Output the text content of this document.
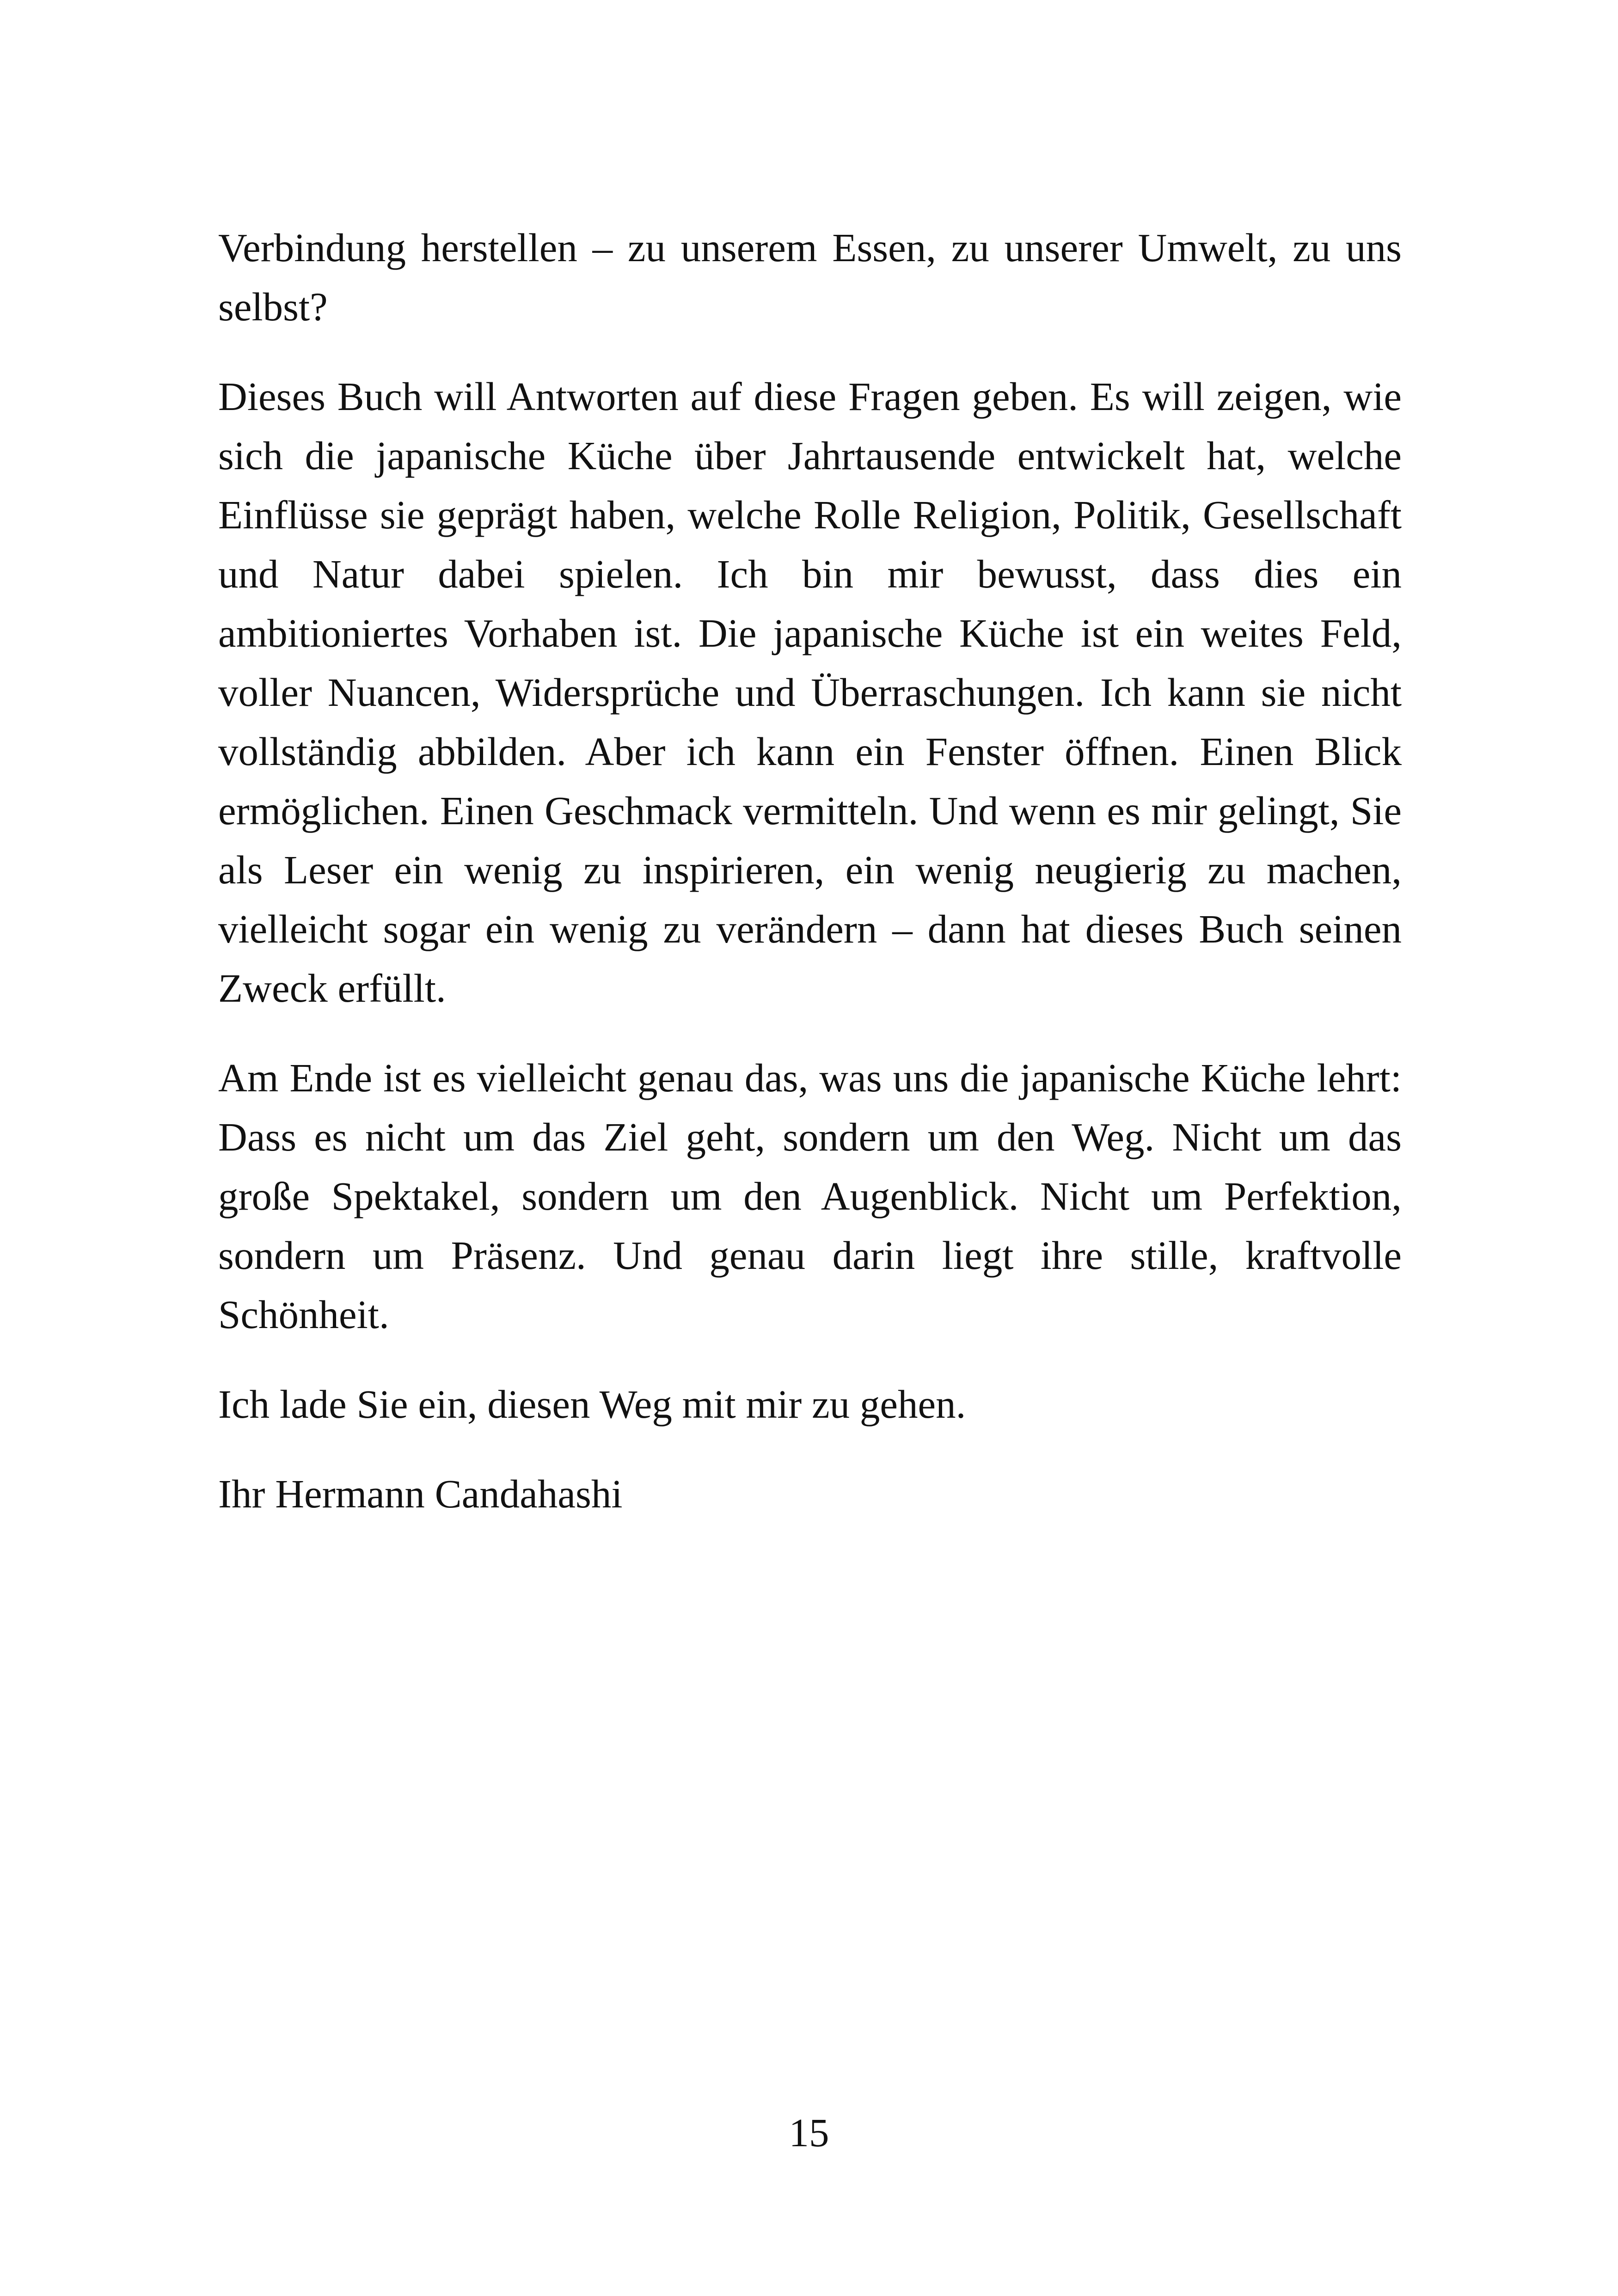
Verbindung herstellen – zu unserem Essen, zu unserer Umwelt, zu uns selbst?

Dieses Buch will Antworten auf diese Fragen geben. Es will zeigen, wie sich die japanische Küche über Jahrtausende entwickelt hat, welche Einflüsse sie geprägt haben, welche Rolle Religion, Politik, Gesellschaft und Natur dabei spielen. Ich bin mir bewusst, dass dies ein ambitioniertes Vorhaben ist. Die japanische Küche ist ein weites Feld, voller Nuancen, Widersprüche und Überraschungen. Ich kann sie nicht vollständig abbilden. Aber ich kann ein Fenster öffnen. Einen Blick ermöglichen. Einen Geschmack vermitteln. Und wenn es mir gelingt, Sie als Leser ein wenig zu inspirieren, ein wenig neugierig zu machen, vielleicht sogar ein wenig zu verändern – dann hat dieses Buch seinen Zweck erfüllt.

Am Ende ist es vielleicht genau das, was uns die japanische Küche lehrt: Dass es nicht um das Ziel geht, sondern um den Weg. Nicht um das große Spektakel, sondern um den Augenblick. Nicht um Perfektion, sondern um Präsenz. Und genau darin liegt ihre stille, kraftvolle Schönheit.

Ich lade Sie ein, diesen Weg mit mir zu gehen.

Ihr Hermann Candahashi

15
